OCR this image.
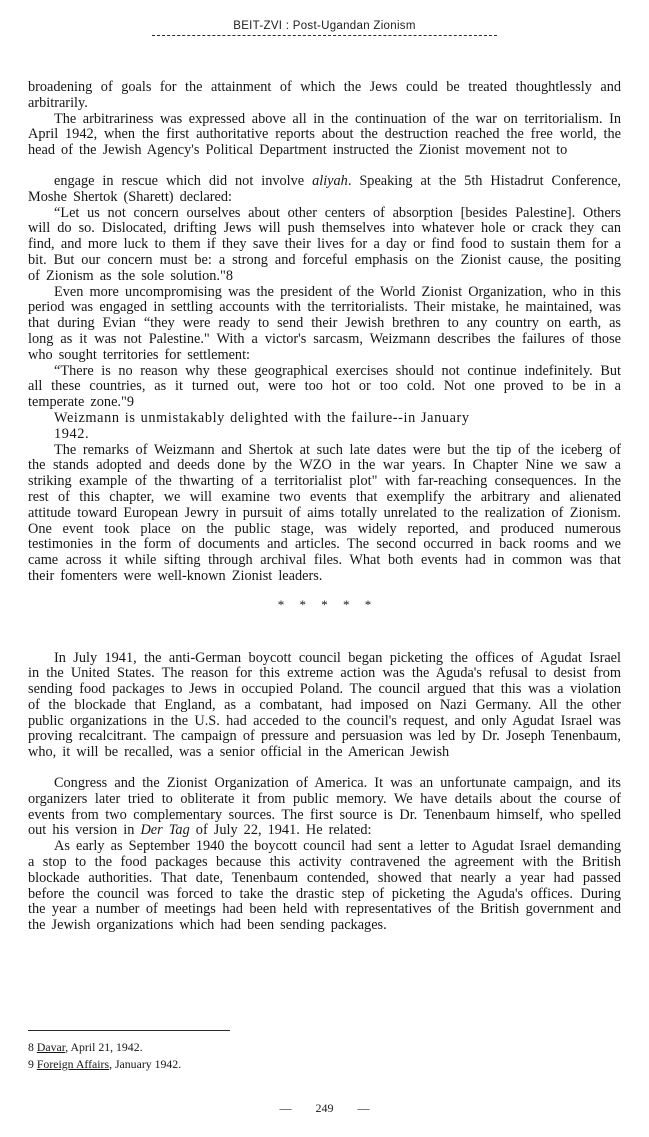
BEIT-ZVI : Post-Ugandan Zionism

broadening of goals for the attainment of which the Jews could be treated thoughtlessly and arbitrarily.

The arbitrariness was expressed above all in the continuation of the war on territorialism. In April 1942, when the first authoritative reports about the destruction reached the free world, the head of the Jewish Agency's Political Department instructed the Zionist movement not to

engage in rescue which did not involve aliyah. Speaking at the 5th Histadrut Conference, Moshe Shertok (Sharett) declared:

“Let us not concern ourselves about other centers of absorption [besides Palestine]. Others will do so. Dislocated, drifting Jews will push themselves into whatever hole or crack they can find, and more luck to them if they save their lives for a day or find food to sustain them for a bit. But our concern must be: a strong and forceful emphasis on the Zionist cause, the positing of Zionism as the sole solution."8

Even more uncompromising was the president of the World Zionist Organization, who in this period was engaged in settling accounts with the territorialists. Their mistake, he maintained, was that during Evian “they were ready to send their Jewish brethren to any country on earth, as long as it was not Palestine." With a victor's sarcasm, Weizmann describes the failures of those who sought territories for settlement:

“There is no reason why these geographical exercises should not continue indefinitely. But all these countries, as it turned out, were too hot or too cold. Not one proved to be in a temperate zone."9

Weizmann is unmistakably delighted with the failure--in January
1942.

The remarks of Weizmann and Shertok at such late dates were but the tip of the iceberg of the stands adopted and deeds done by the WZO in the war years. In Chapter Nine we saw a striking example of the thwarting of a territorialist plot" with far-reaching consequences. In the rest of this chapter, we will examine two events that exemplify the arbitrary and alienated attitude toward European Jewry in pursuit of aims totally unrelated to the realization of Zionism. One event took place on the public stage, was widely reported, and produced numerous testimonies in the form of documents and articles. The second occurred in back rooms and we came across it while sifting through archival files. What both events had in common was that their fomenters were well-known Zionist leaders.

* * * * *

In July 1941, the anti-German boycott council began picketing the offices of Agudat Israel in the United States. The reason for this extreme action was the Aguda's refusal to desist from sending food packages to Jews in occupied Poland. The council argued that this was a violation of the blockade that England, as a combatant, had imposed on Nazi Germany. All the other public organizations in the U.S. had acceded to the council's request, and only Agudat Israel was proving recalcitrant. The campaign of pressure and persuasion was led by Dr. Joseph Tenenbaum, who, it will be recalled, was a senior official in the American Jewish

Congress and the Zionist Organization of America. It was an unfortunate campaign, and its organizers later tried to obliterate it from public memory. We have details about the course of events from two complementary sources. The first source is Dr. Tenenbaum himself, who spelled out his version in Der Tag of July 22, 1941. He related:

As early as September 1940 the boycott council had sent a letter to Agudat Israel demanding a stop to the food packages because this activity contravened the agreement with the British blockade authorities. That date, Tenenbaum contended, showed that nearly a year had passed before the council was forced to take the drastic step of picketing the Aguda's offices. During the year a number of meetings had been held with representatives of the British government and the Jewish organizations which had been sending packages.

8 Davar, April 21, 1942.
9 Foreign Affairs, January 1942.
— 249 —
